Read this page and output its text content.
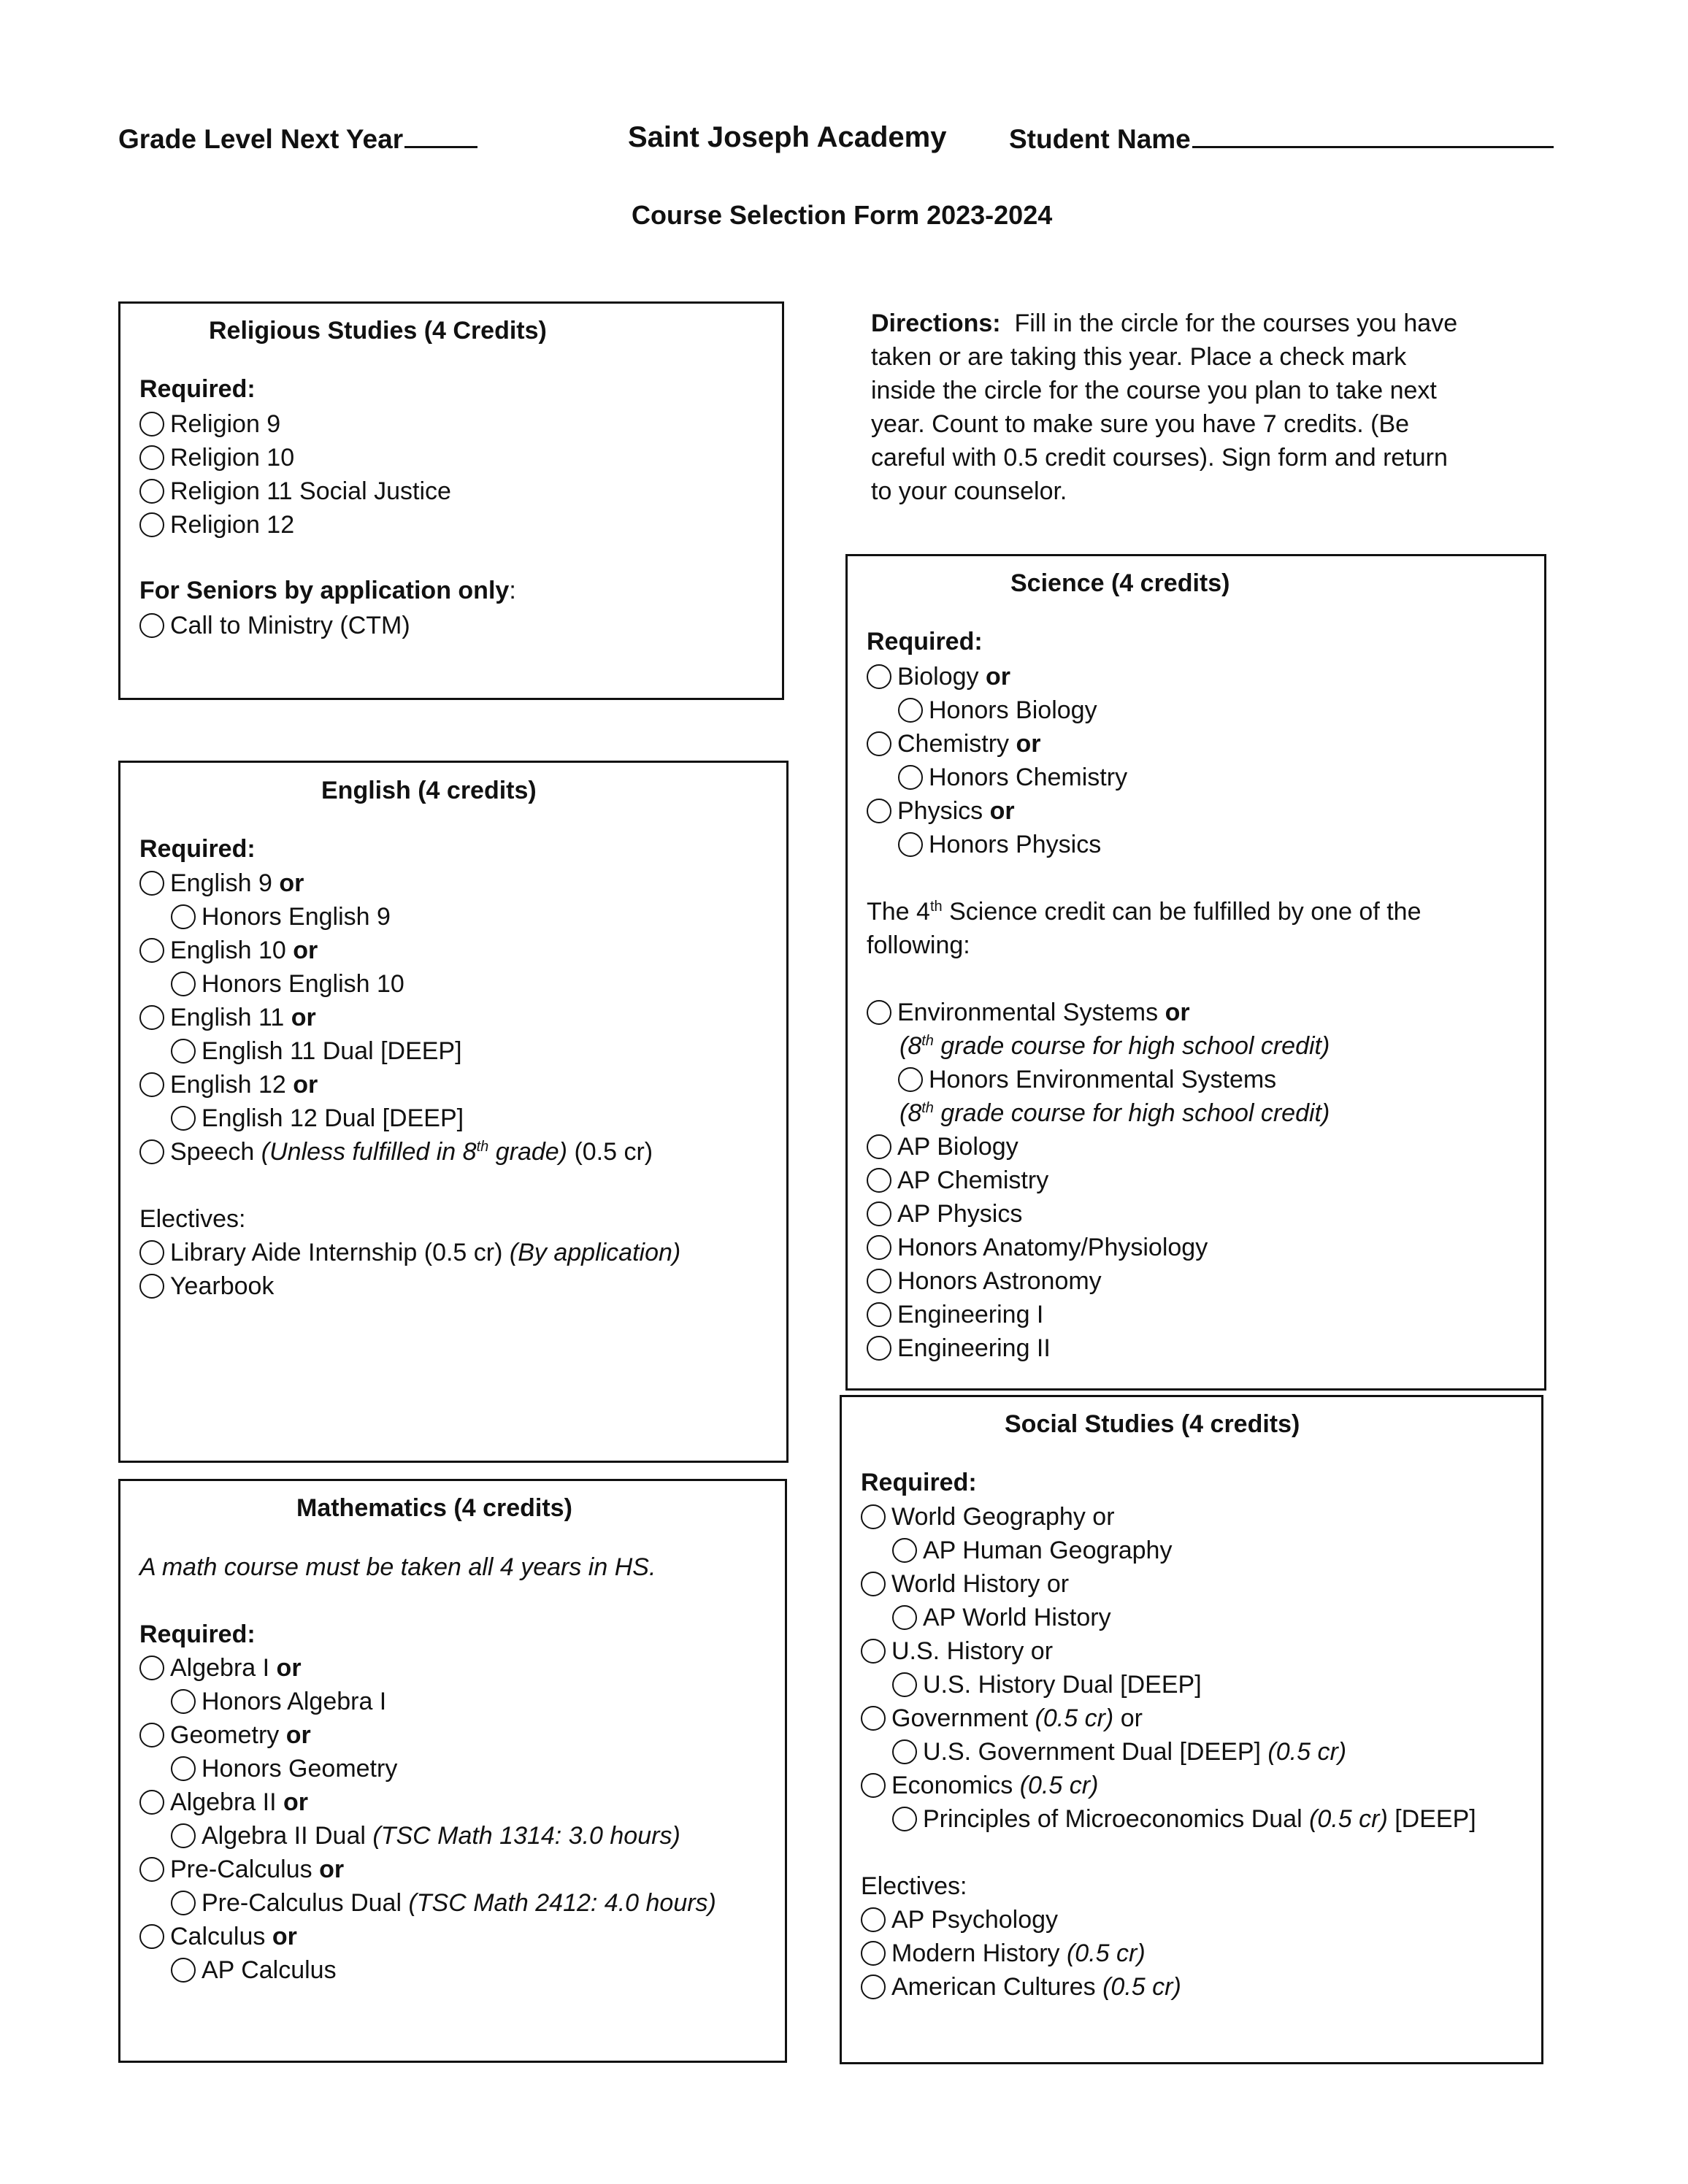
Grade Level Next Year	Saint Joseph Academy Student Name
Course Selection Form 2023-2024
Directions: Fill in the circle for the courses you have
taken or are taking this year. Place a check mark
inside the circle for the course you plan to take next
year. Count to make sure you have 7 credits. (Be
careful with 0.5 credit courses). Sign form and return
to your counselor.
Religious Studies (4 Credits)
Required:
Religion 9
Religion 10
Religion 11 Social Justice
Religion 12
For Seniors by application only:
Call to Ministry (CTM)
English (4 credits)
Required:
English 9 or
Honors English 9
English 10 or
Honors English 10
English 11 or
English 11 Dual [DEEP]
English 12 or
English 12 Dual [DEEP]
Speech (Unless fulfilled in 8th grade) (0.5 cr)
Electives:
Library Aide Internship (0.5 cr) (By application)
Yearbook
Mathematics (4 credits)
A math course must be taken all 4 years in HS.
Required:
Algebra I or
Honors Algebra I
Geometry or
Honors Geometry
Algebra II or
Algebra II Dual (TSC Math 1314: 3.0 hours)
Pre-Calculus or
Pre-Calculus Dual (TSC Math 2412: 4.0 hours)
Calculus or
AP Calculus
Science (4 credits)
Required:
Biology or
Honors Biology
Chemistry or
Honors Chemistry
Physics or
Honors Physics
The 4th Science credit can be fulfilled by one of the
following:
Environmental Systems or
(8th grade course for high school credit)
Honors Environmental Systems
(8th grade course for high school credit)
AP Biology
AP Chemistry
AP Physics
Honors Anatomy/Physiology
Honors Astronomy
Engineering I
Engineering II
Social Studies (4 credits)
Required:
World Geography or
AP Human Geography
World History or
AP World History
U.S. History or
U.S. History Dual [DEEP]
Government (0.5 cr) or
U.S. Government Dual [DEEP] (0.5 cr)
Economics (0.5 cr)
Principles of Microeconomics Dual (0.5 cr) [DEEP]
Electives:
AP Psychology
Modern History (0.5 cr)
American Cultures (0.5 cr)
